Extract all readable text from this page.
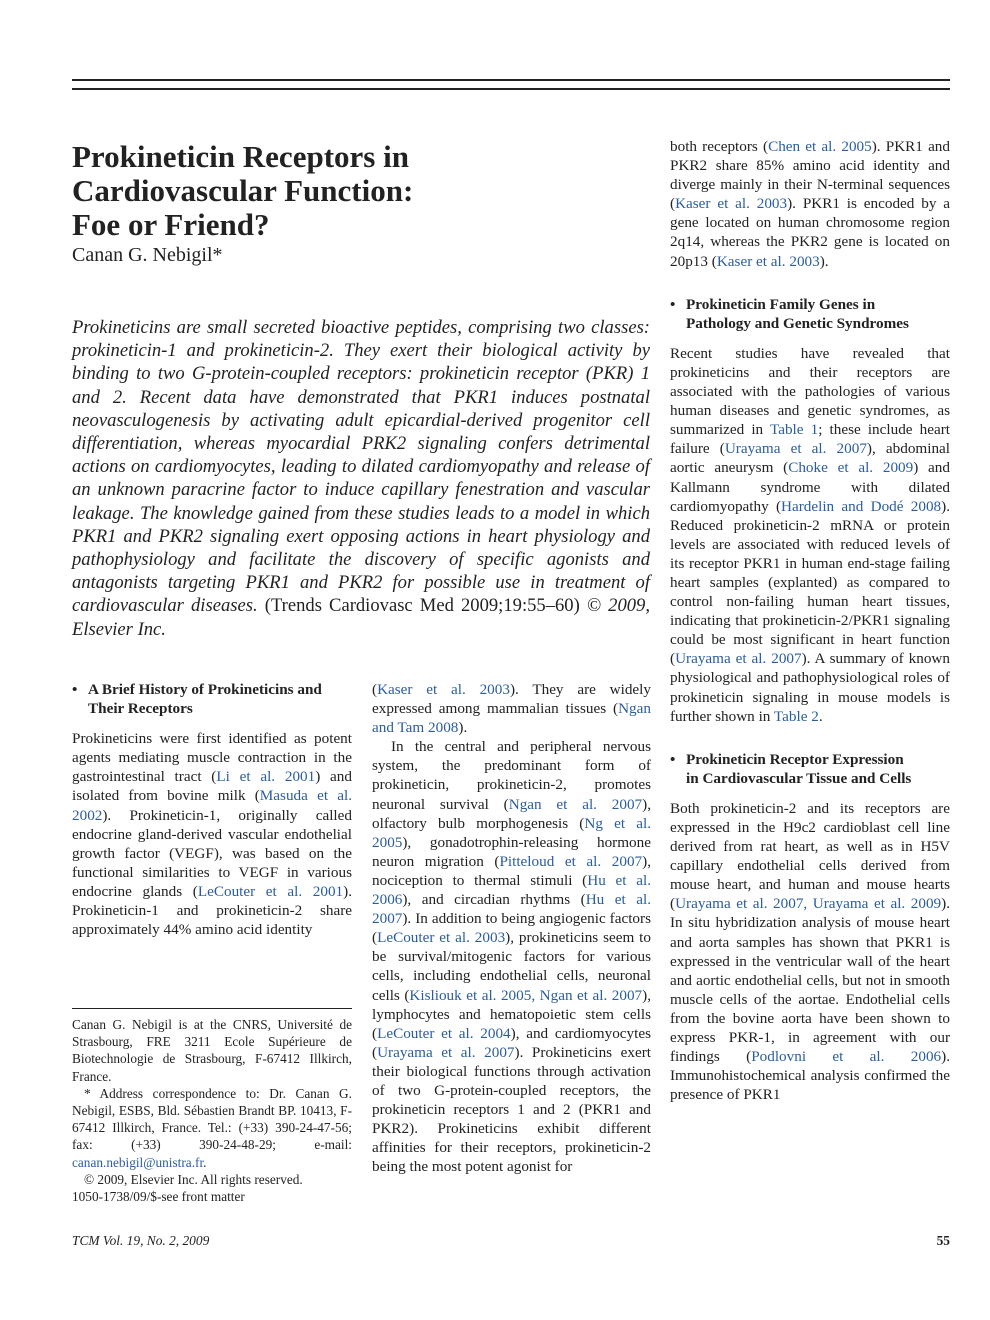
Prokineticin Receptors in
Cardiovascular Function:
Foe or Friend?
Canan G. Nebigil*

Prokineticins are small secreted bioactive peptides, comprising two classes: prokineticin-1 and prokineticin-2. They exert their biological activity by binding to two G-protein-coupled receptors: prokineticin receptor (PKR) 1 and 2. Recent data have demonstrated that PKR1 induces postnatal neovasculogenesis by activating adult epicardial-derived progenitor cell differentiation, whereas myocardial PRK2 signaling confers detrimental actions on cardiomyocytes, leading to dilated cardiomyopathy and release of an unknown paracrine factor to induce capillary fenestration and vascular leakage. The knowledge gained from these studies leads to a model in which PKR1 and PKR2 signaling exert opposing actions in heart physiology and pathophysiology and facilitate the discovery of specific agonists and antagonists targeting PKR1 and PKR2 for possible use in treatment of cardiovascular diseases. (Trends Cardiovasc Med 2009;19:55–60) © 2009, Elsevier Inc.

• A Brief History of Prokineticins and
Their Receptors

Prokineticins were first identified as potent agents mediating muscle contraction in the gastrointestinal tract (Li et al. 2001) and isolated from bovine milk (Masuda et al. 2002). Prokineticin-1, originally called endocrine gland-derived vascular endothelial growth factor (VEGF), was based on the functional similarities to VEGF in various endocrine glands (LeCouter et al. 2001). Prokineticin-1 and prokineticin-2 share approximately 44% amino acid identity

Canan G. Nebigil is at the CNRS, Université de Strasbourg, FRE 3211 Ecole Supérieure de Biotechnologie de Strasbourg, F-67412 Illkirch, France.

* Address correspondence to: Dr. Canan G. Nebigil, ESBS, Bld. Sébastien Brandt BP. 10413, F-67412 Illkirch, France. Tel.: (+33) 390-24-47-56; fax: (+33) 390-24-48-29; e-mail: canan.nebigil@unistra.fr.

© 2009, Elsevier Inc. All rights reserved.

1050-1738/09/$-see front matter

(Kaser et al. 2003). They are widely expressed among mammalian tissues (Ngan and Tam 2008).

In the central and peripheral nervous system, the predominant form of prokineticin, prokineticin-2, promotes neuronal survival (Ngan et al. 2007), olfactory bulb morphogenesis (Ng et al. 2005), gonadotrophin-releasing hormone neuron migration (Pitteloud et al. 2007), nociception to thermal stimuli (Hu et al. 2006), and circadian rhythms (Hu et al. 2007). In addition to being angiogenic factors (LeCouter et al. 2003), prokineticins seem to be survival/mitogenic factors for various cells, including endothelial cells, neuronal cells (Kisliouk et al. 2005, Ngan et al. 2007), lymphocytes and hematopoietic stem cells (LeCouter et al. 2004), and cardiomyocytes (Urayama et al. 2007). Prokineticins exert their biological functions through activation of two G-protein-coupled receptors, the prokineticin receptors 1 and 2 (PKR1 and PKR2). Prokineticins exhibit different affinities for their receptors, prokineticin-2 being the most potent agonist for

both receptors (Chen et al. 2005). PKR1 and PKR2 share 85% amino acid identity and diverge mainly in their N-terminal sequences (Kaser et al. 2003). PKR1 is encoded by a gene located on human chromosome region 2q14, whereas the PKR2 gene is located on 20p13 (Kaser et al. 2003).

• Prokineticin Family Genes in
Pathology and Genetic Syndromes

Recent studies have revealed that prokineticins and their receptors are associated with the pathologies of various human diseases and genetic syndromes, as summarized in Table 1; these include heart failure (Urayama et al. 2007), abdominal aortic aneurysm (Choke et al. 2009) and Kallmann syndrome with dilated cardiomyopathy (Hardelin and Dodé 2008). Reduced prokineticin-2 mRNA or protein levels are associated with reduced levels of its receptor PKR1 in human end-stage failing heart samples (explanted) as compared to control non-failing human heart tissues, indicating that prokineticin-2/PKR1 signaling could be most significant in heart function (Urayama et al. 2007). A summary of known physiological and pathophysiological roles of prokineticin signaling in mouse models is further shown in Table 2.

• Prokineticin Receptor Expression
in Cardiovascular Tissue and Cells

Both prokineticin-2 and its receptors are expressed in the H9c2 cardioblast cell line derived from rat heart, as well as in H5V capillary endothelial cells derived from mouse heart, and human and mouse hearts (Urayama et al. 2007, Urayama et al. 2009). In situ hybridization analysis of mouse heart and aorta samples has shown that PKR1 is expressed in the ventricular wall of the heart and aortic endothelial cells, but not in smooth muscle cells of the aortae. Endothelial cells from the bovine aorta have been shown to express PKR-1, in agreement with our findings (Podlovni et al. 2006). Immunohistochemical analysis confirmed the presence of PKR1

TCM Vol. 19, No. 2, 2009	55
